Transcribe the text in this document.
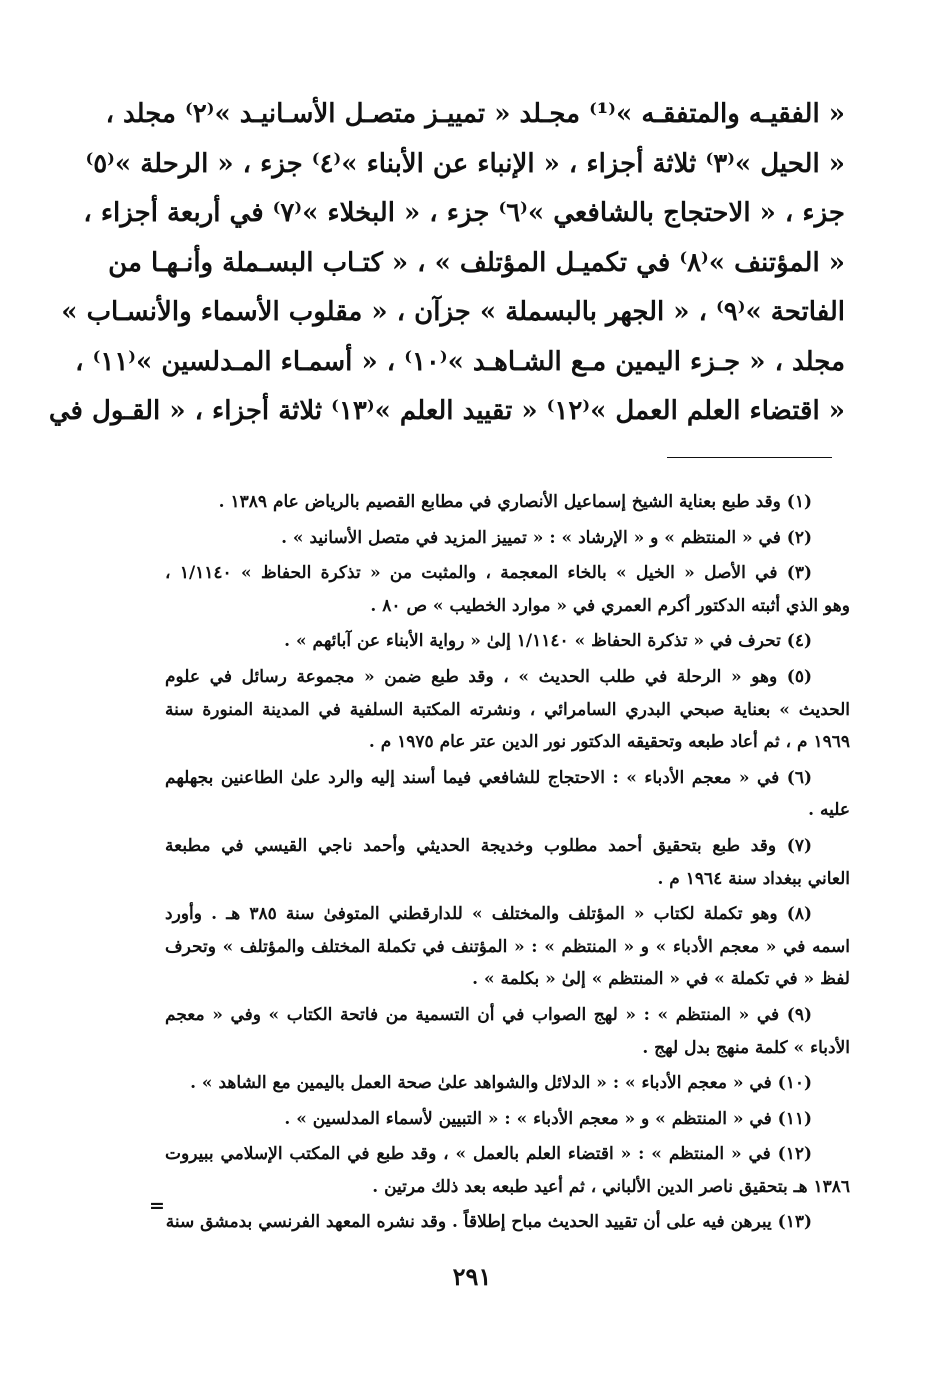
« الفقيـه والمتفقـه »⁽¹⁾ مجـلد « تمييـز متصـل الأسـانيـد »⁽٢⁾ مجلد ،
« الحيل »⁽٣⁾ ثلاثة أجزاء ، « الإنباء عن الأبناء »⁽٤⁾ جزء ، « الرحلة »⁽٥⁾
جزء ، « الاحتجاج بالشافعي »⁽٦⁾ جزء ، « البخلاء »⁽٧⁾ في أربعة أجزاء ،
« المؤتنف »⁽٨⁾ في تكميـل المؤتلف » ، « كتـاب البسـملة وأنـهـا من
الفاتحة »⁽٩⁾ ، « الجهر بالبسملة » جزآن ، « مقلوب الأسماء والأنسـاب »
مجلد ، « جـزء اليمين مـع الشـاهـد »⁽١٠⁾ ، « أسمـاء المـدلسين »⁽١١⁾ ،
« اقتضاء العلم العمل »⁽١٢⁾ « تقييد العلم »⁽١٣⁾ ثلاثة أجزاء ، « القـول في
(١) وقد طبع بعناية الشيخ إسماعيل الأنصاري في مطابع القصيم بالرياض عام ١٣٨٩ .
(٢) في « المنتظم » و « الإرشاد » : « تمييز المزيد في متصل الأسانيد » .
(٣) في الأصل « الخيل » بالخاء المعجمة ، والمثبت من « تذكرة الحفاظ » ١/١١٤٠ ،
وهو الذي أثبته الدكتور أكرم العمري في « موارد الخطيب » ص ٨٠ .
(٤) تحرف في « تذكرة الحفاظ » ١/١١٤٠ إلىٰ « رواية الأبناء عن آبائهم » .
(٥) وهو « الرحلة في طلب الحديث » ، وقد طبع ضمن « مجموعة رسائل في علوم
الحديث » بعناية صبحي البدري السامرائي ، ونشرته المكتبة السلفية في المدينة المنورة سنة
١٩٦٩ م ، ثم أعاد طبعه وتحقيقه الدكتور نور الدين عتر عام ١٩٧٥ م .
(٦) في « معجم الأدباء » : الاحتجاج للشافعي فيما أسند إليه والرد علىٰ الطاعنين بجهلهم
عليه .
(٧) وقد طبع بتحقيق أحمد مطلوب وخديجة الحديثي وأحمد ناجي القيسي في مطبعة
العاني ببغداد سنة ١٩٦٤ م .
(٨) وهو تكملة لكتاب « المؤتلف والمختلف » للدارقطني المتوفىٰ سنة ٣٨٥ هـ . وأورد
اسمه في « معجم الأدباء » و « المنتظم » : « المؤتنف في تكملة المختلف والمؤتلف » وتحرف
لفظ « في تكملة » في « المنتظم » إلىٰ « بكلمة » .
(٩) في « المنتظم » : « لهج الصواب في أن التسمية من فاتحة الكتاب » وفي « معجم
الأدباء » كلمة منهج بدل لهج .
(١٠) في « معجم الأدباء » : « الدلائل والشواهد علىٰ صحة العمل باليمين مع الشاهد » .
(١١) في « المنتظم » و « معجم الأدباء » : « التبيين لأسماء المدلسين » .
(١٢) في « المنتظم » : « اقتضاء العلم بالعمل » ، وقد طبع في المكتب الإسلامي ببيروت
١٣٨٦ هـ بتحقيق ناصر الدين الألباني ، ثم أعيد طبعه بعد ذلك مرتين .
(١٣) يبرهن فيه على أن تقييد الحديث مباح إطلاقاً . وقد نشره المعهد الفرنسي بدمشق سنة
=
٢٩١
